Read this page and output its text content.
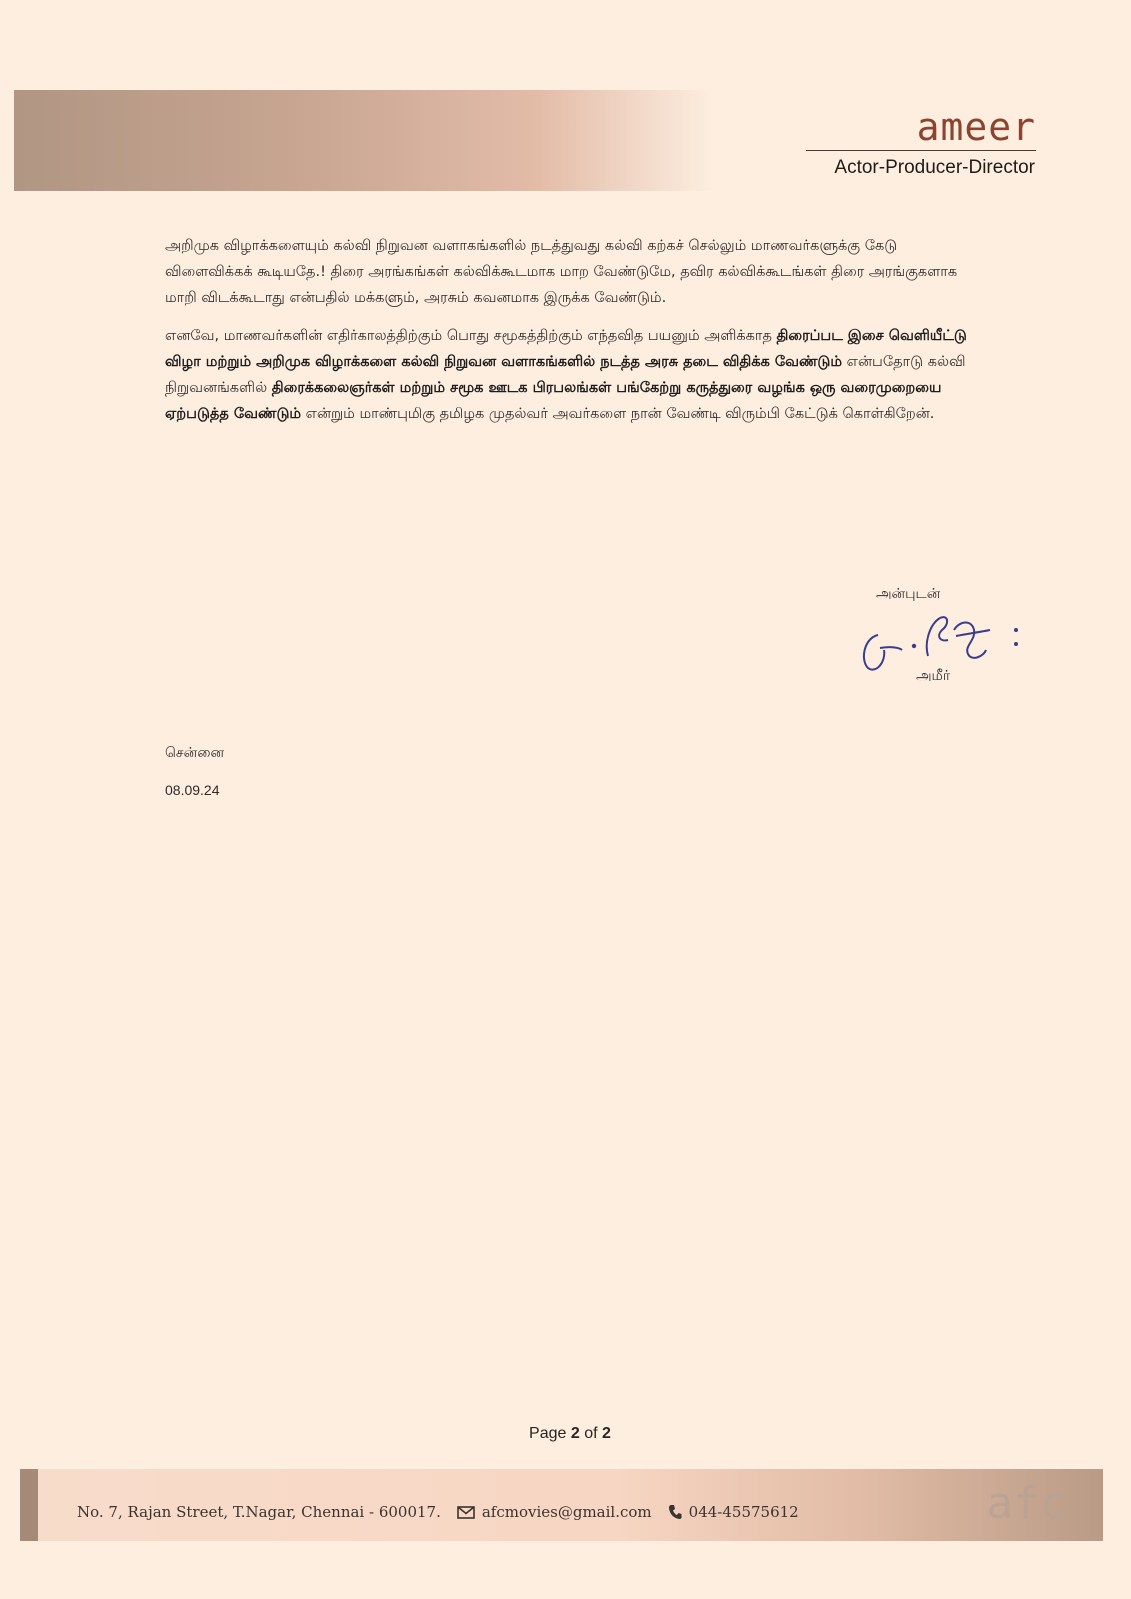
ameer
Actor-Producer-Director

அறிமுக விழாக்களையும் கல்வி நிறுவன வளாகங்களில் நடத்துவது கல்வி கற்கச் செல்லும் மாணவர்களுக்கு கேடு விளைவிக்கக் கூடியதே.! திரை அரங்கங்கள் கல்விக்கூடமாக மாற வேண்டுமே, தவிர கல்விக்கூடங்கள் திரை அரங்குகளாக மாறி விடக்கூடாது என்பதில் மக்களும், அரசும் கவனமாக இருக்க வேண்டும்.

எனவே, மாணவர்களின் எதிர்காலத்திற்கும் பொது சமூகத்திற்கும் எந்தவித பயனும் அளிக்காத திரைப்பட இசை வெளியீட்டு விழா மற்றும் அறிமுக விழாக்களை கல்வி நிறுவன வளாகங்களில் நடத்த அரசு தடை விதிக்க வேண்டும் என்பதோடு கல்வி நிறுவனங்களில் திரைக்கலைஞர்கள் மற்றும் சமூக ஊடக பிரபலங்கள் பங்கேற்று கருத்துரை வழங்க ஒரு வரைமுறையை ஏற்படுத்த வேண்டும் என்றும் மாண்புமிகு தமிழக முதல்வர் அவர்களை நான் வேண்டி விரும்பி கேட்டுக் கொள்கிறேன்.

அன்புடன்
அமீர்
சென்னை
08.09.24
Page 2 of 2
No. 7, Rajan Street, T.Nagar, Chennai - 600017.	afcmovies@gmail.com 044-45575612	afc
